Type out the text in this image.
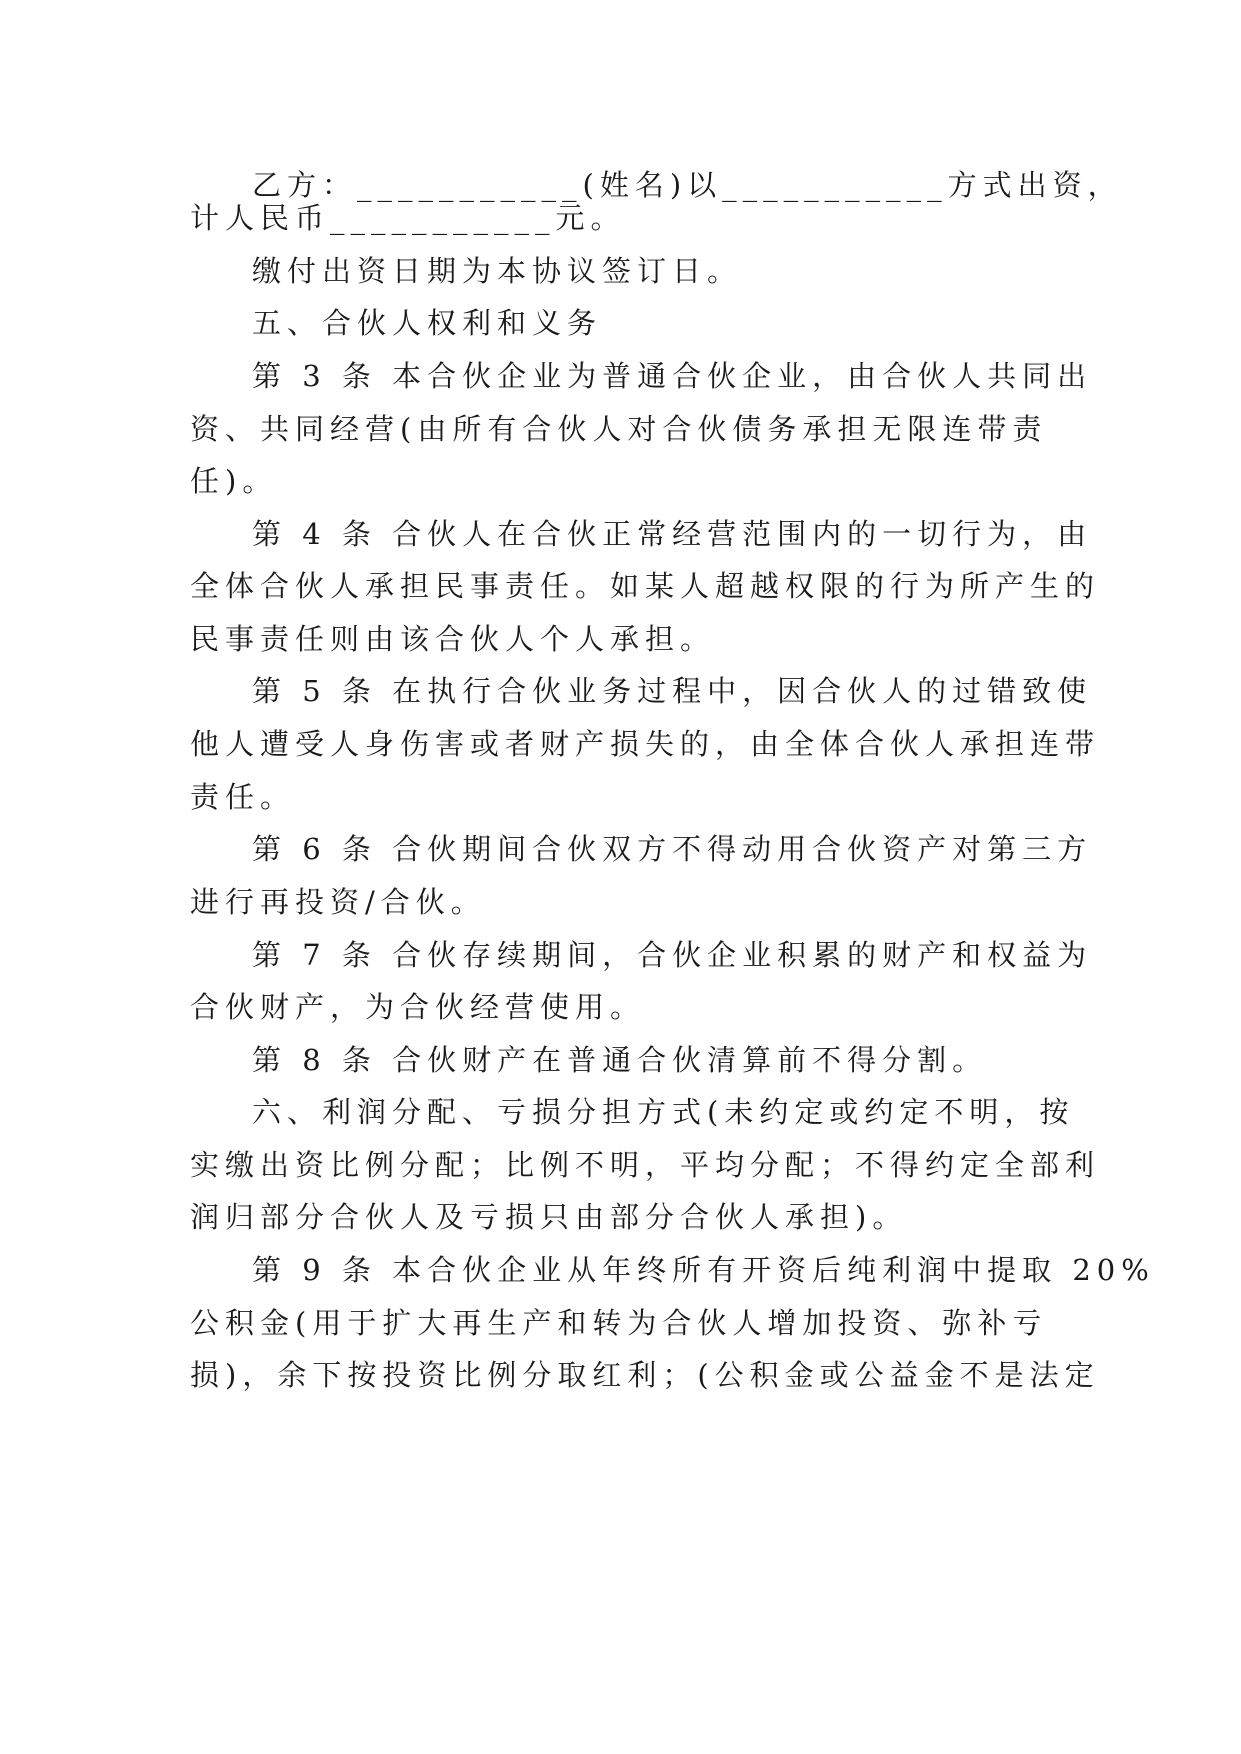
乙方：___________(姓名)以___________方式出资，
计人民币___________元。
缴付出资日期为本协议签订日。
五、合伙人权利和义务
第 3 条 本合伙企业为普通合伙企业，由合伙人共同出
资、共同经营(由所有合伙人对合伙债务承担无限连带责
任)。
第 4 条 合伙人在合伙正常经营范围内的一切行为，由
全体合伙人承担民事责任。如某人超越权限的行为所产生的
民事责任则由该合伙人个人承担。
第 5 条 在执行合伙业务过程中，因合伙人的过错致使
他人遭受人身伤害或者财产损失的，由全体合伙人承担连带
责任。
第 6 条 合伙期间合伙双方不得动用合伙资产对第三方
进行再投资/合伙。
第 7 条 合伙存续期间，合伙企业积累的财产和权益为
合伙财产，为合伙经营使用。
第 8 条 合伙财产在普通合伙清算前不得分割。
六、利润分配、亏损分担方式(未约定或约定不明，按
实缴出资比例分配；比例不明，平均分配；不得约定全部利
润归部分合伙人及亏损只由部分合伙人承担)。
第 9 条 本合伙企业从年终所有开资后纯利润中提取 20%
公积金(用于扩大再生产和转为合伙人增加投资、弥补亏
损)，余下按投资比例分取红利；(公积金或公益金不是法定
